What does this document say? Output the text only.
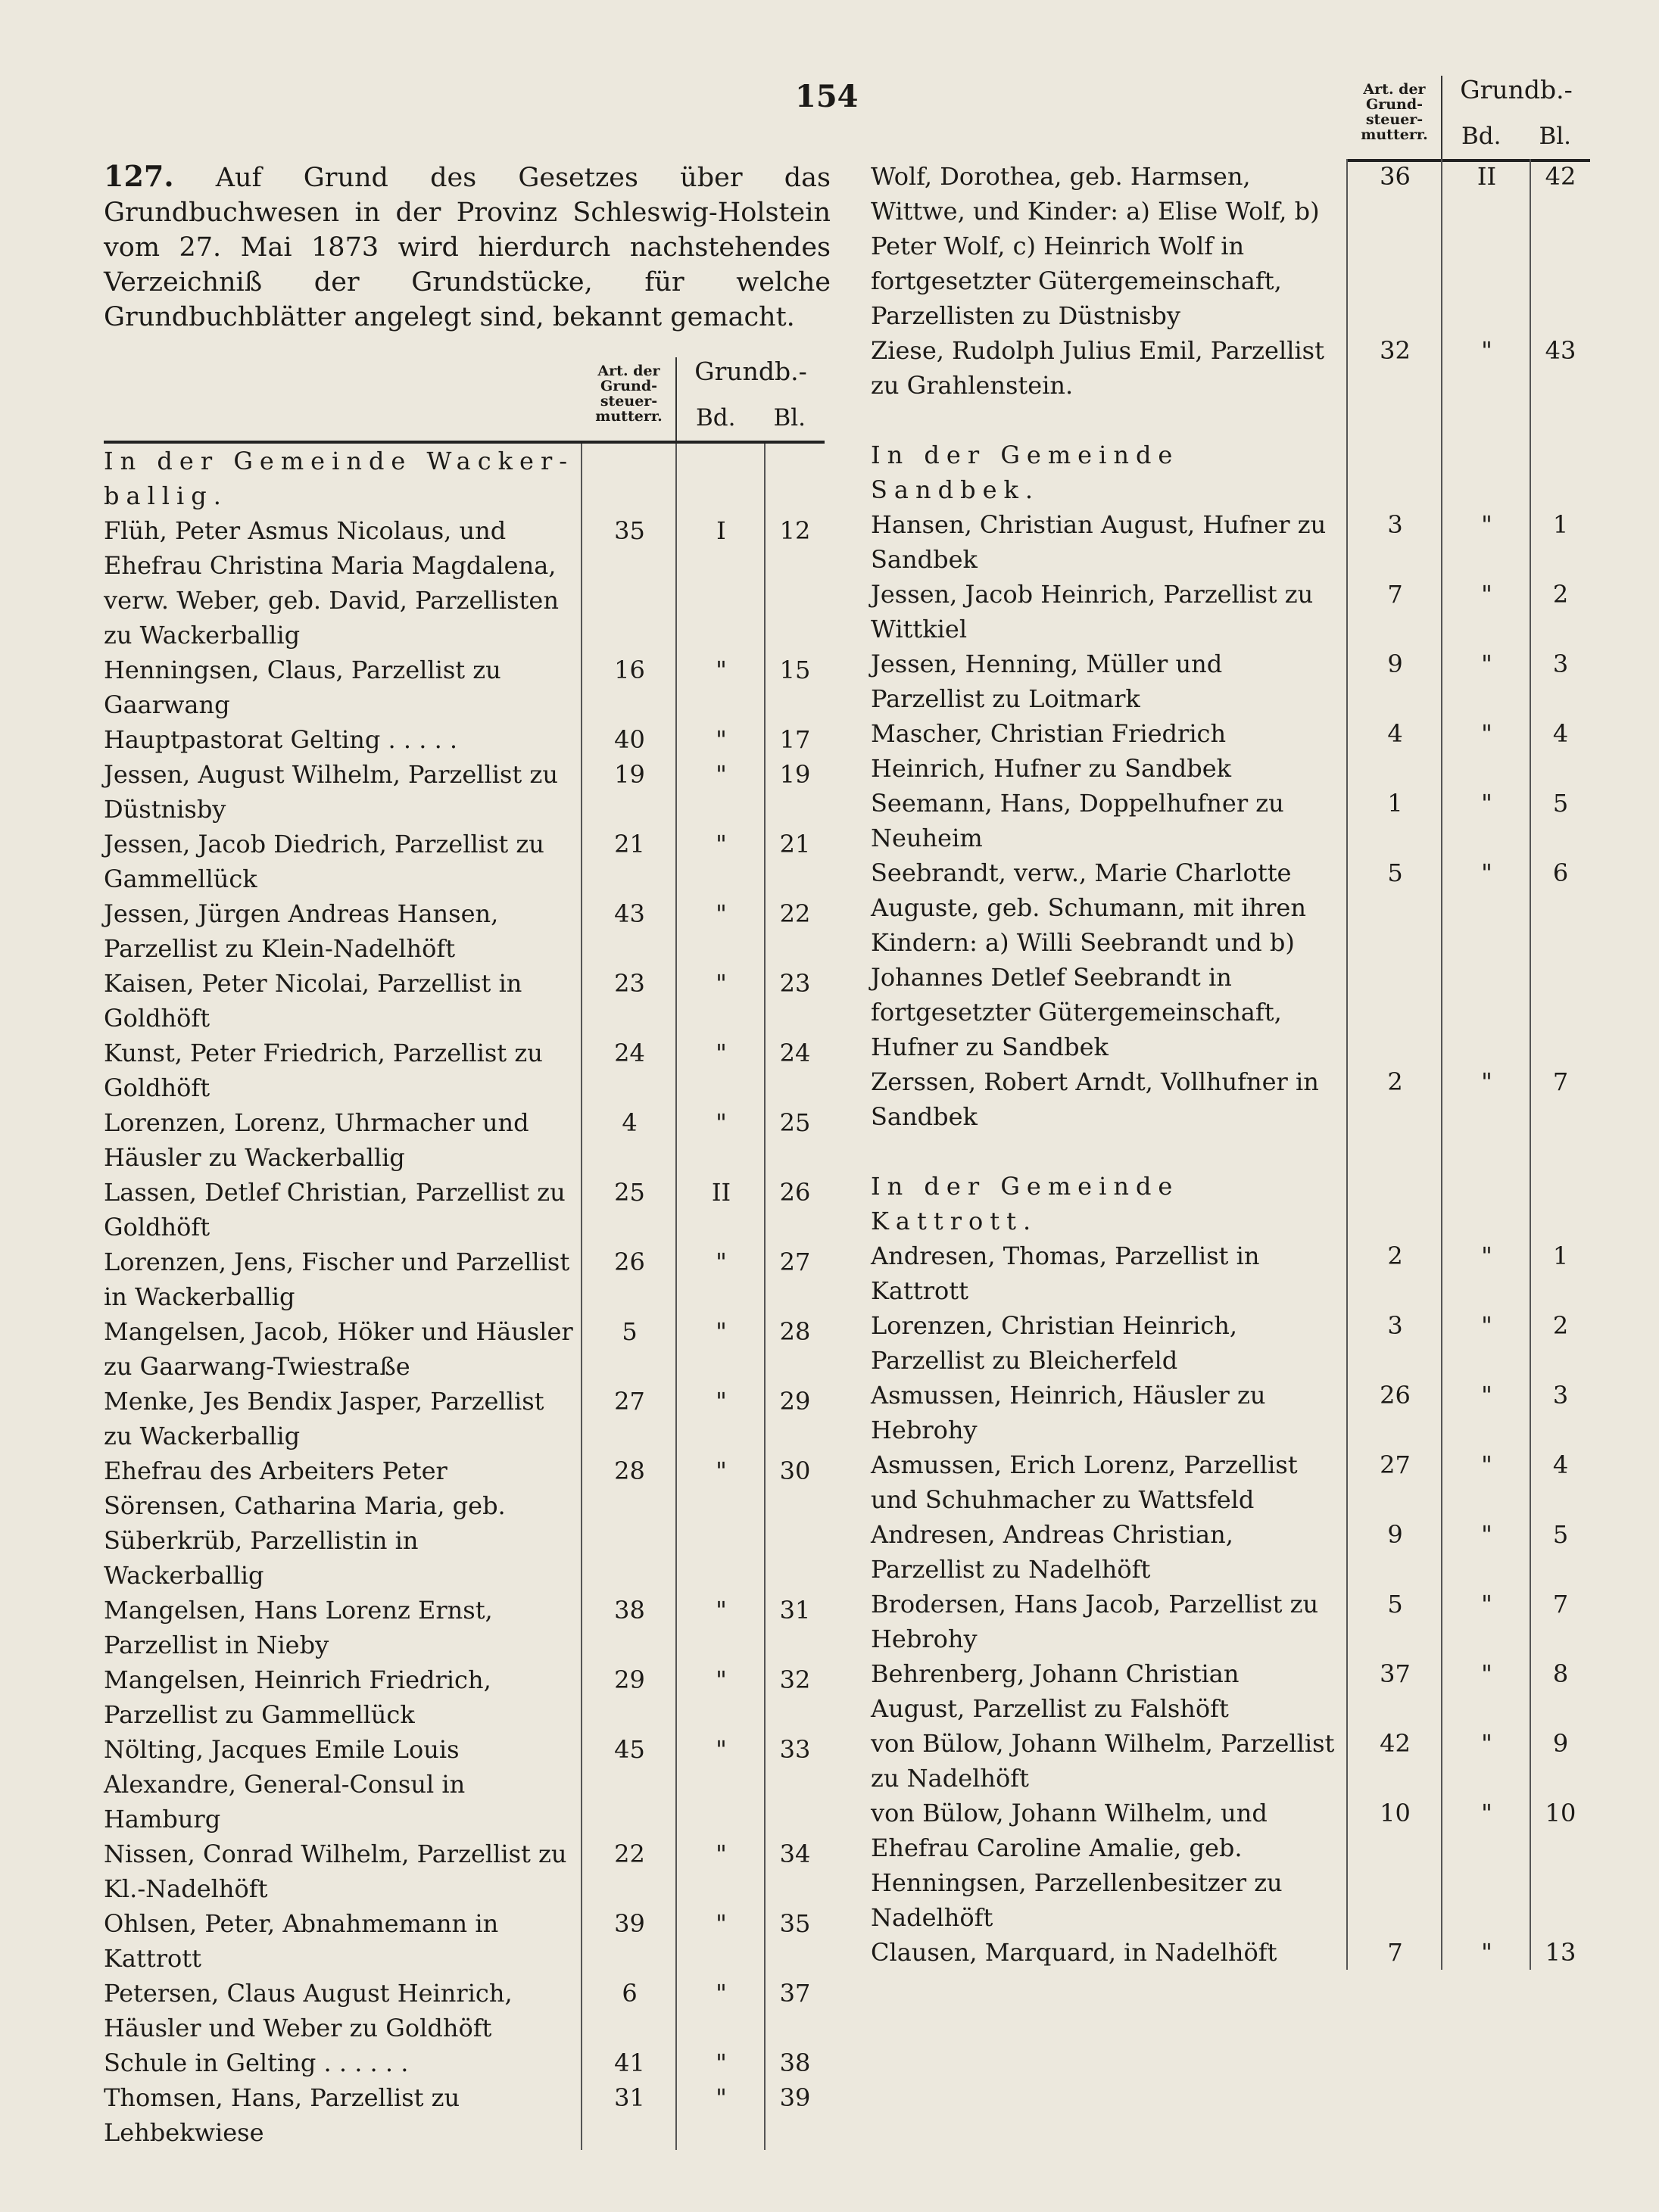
154
127. Auf Grund des Gesetzes über das Grundbuchwesen in der Provinz Schleswig-Holstein vom 27. Mai 1873 wird hierdurch nachstehendes Verzeichniß der Grundstücke, für welche Grundbuchblätter angelegt sind, bekannt gemacht.
Art. der Grund-steuer-mutterr.
Grundb.-
Bd. Bl.
In der Gemeinde Wacker-ballig.
Flüh, Peter Asmus Nicolaus, und Ehefrau Christina Maria Magdalena, verw. Weber, geb. David, Parzellisten zu Wackerballig
35	I	12
Henningsen, Claus, Parzellist zu Gaarwang
16	"	15
Hauptpastorat Gelting . . . . .	40	"	17
Jessen, August Wilhelm, Parzellist zu Düstnisby
19	"	19
Jessen, Jacob Diedrich, Parzellist zu Gammellück
21	"	21
Jessen, Jürgen Andreas Hansen, Parzellist zu Klein-Nadelhöft
43	"	22
Kaisen, Peter Nicolai, Parzellist in Goldhöft
23	"	23
Kunst, Peter Friedrich, Parzellist zu Goldhöft
24	"	24
Lorenzen, Lorenz, Uhrmacher und Häusler zu Wackerballig
4	"	25
Lassen, Detlef Christian, Parzellist zu Goldhöft
25	II	26
Lorenzen, Jens, Fischer und Parzellist in Wackerballig
26	"	27
Mangelsen, Jacob, Höker und Häusler zu Gaarwang-Twiestraße
5	"	28
Menke, Jes Bendix Jasper, Parzellist zu Wackerballig
27	"	29
Ehefrau des Arbeiters Peter Sörensen, Catharina Maria, geb. Süberkrüb, Parzellistin in Wackerballig
28	"	30
Mangelsen, Hans Lorenz Ernst, Parzellist in Nieby
38	"	31
Mangelsen, Heinrich Friedrich, Parzellist zu Gammellück
29	"	32
Nölting, Jacques Emile Louis Alexandre, General-Consul in Hamburg
45	"	33
Nissen, Conrad Wilhelm, Parzellist zu Kl.-Nadelhöft
22	"	34
Ohlsen, Peter, Abnahmemann in Kattrott
39	"	35
Petersen, Claus August Heinrich, Häusler und Weber zu Goldhöft
6	"	37
Schule in Gelting . . . . . .	41	"	38
Thomsen, Hans, Parzellist zu Lehbekwiese
31	"	39
Art. der Grund-steuer-mutterr.
Grundb.-
Bd. Bl.
Wolf, Dorothea, geb. Harmsen, Wittwe, und Kinder: a) Elise Wolf, b) Peter Wolf, c) Heinrich Wolf in fortgesetzter Gütergemeinschaft, Parzellisten zu Düstnisby
36	II	42
Ziese, Rudolph Julius Emil, Parzellist zu Grahlenstein.
32	"	43
In der Gemeinde Sandbek.
Hansen, Christian August, Hufner zu Sandbek
3	"	1
Jessen, Jacob Heinrich, Parzellist zu Wittkiel
7	"	2
Jessen, Henning, Müller und Parzellist zu Loitmark
9	"	3
Mascher, Christian Friedrich Heinrich, Hufner zu Sandbek
4	"	4
Seemann, Hans, Doppelhufner zu Neuheim
1	"	5
Seebrandt, verw., Marie Charlotte Auguste, geb. Schumann, mit ihren Kindern: a) Willi Seebrandt und b) Johannes Detlef Seebrandt in fortgesetzter Gütergemeinschaft, Hufner zu Sandbek
5	"	6
Zerssen, Robert Arndt, Vollhufner in Sandbek
2	"	7
In der Gemeinde Kattrott.
Andresen, Thomas, Parzellist in Kattrott
2	"	1
Lorenzen, Christian Heinrich, Parzellist zu Bleicherfeld
3	"	2
Asmussen, Heinrich, Häusler zu Hebrohy
26	"	3
Asmussen, Erich Lorenz, Parzellist und Schuhmacher zu Wattsfeld
27	"	4
Andresen, Andreas Christian, Parzellist zu Nadelhöft
9	"	5
Brodersen, Hans Jacob, Parzellist zu Hebrohy
5	"	7
Behrenberg, Johann Christian August, Parzellist zu Falshöft
37	"	8
von Bülow, Johann Wilhelm, Parzellist zu Nadelhöft
42	"	9
von Bülow, Johann Wilhelm, und Ehefrau Caroline Amalie, geb. Henningsen, Parzellenbesitzer zu Nadelhöft
10	"	10
Clausen, Marquard, in Nadelhöft	7	"	13
